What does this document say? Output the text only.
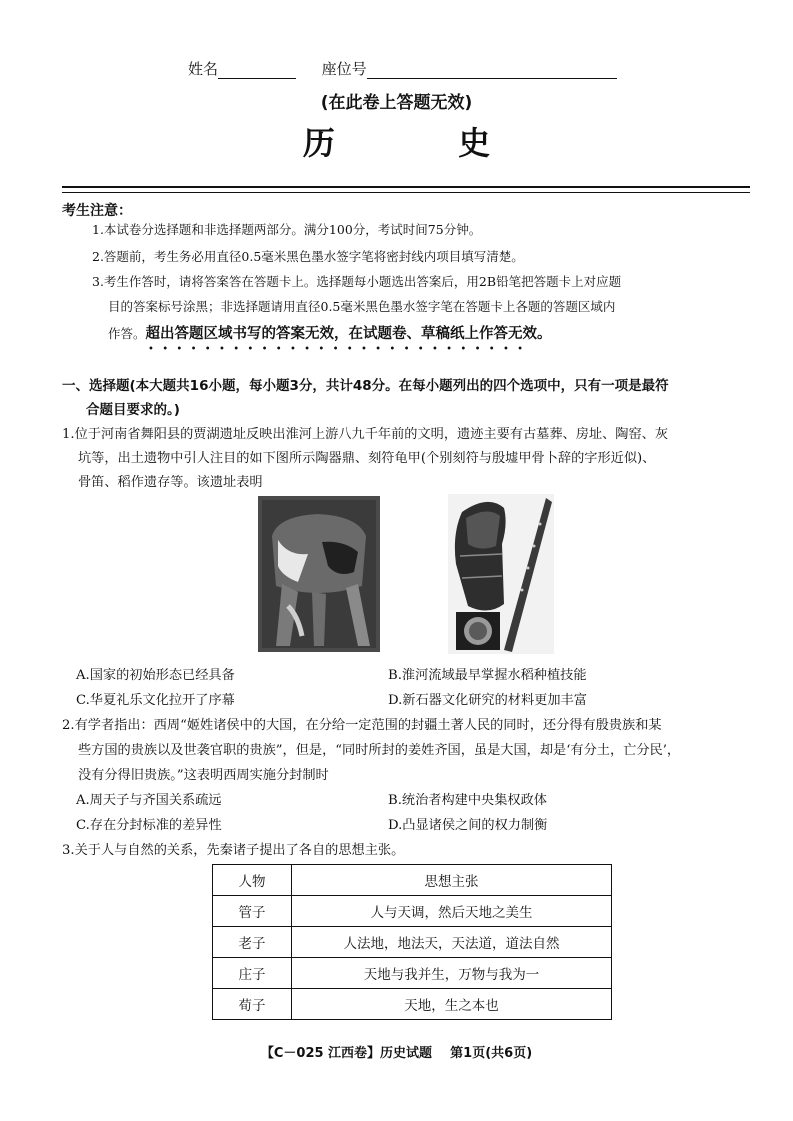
姓名	座位号
(在此卷上答题无效)
历 史
考生注意：
1.本试卷分选择题和非选择题两部分。满分100分，考试时间75分钟。
2.答题前，考生务必用直径0.5毫米黑色墨水签字笔将密封线内项目填写清楚。
3.考生作答时，请将答案答在答题卡上。选择题每小题选出答案后，用2B铅笔把答题卡上对应题
目的答案标号涂黑；非选择题请用直径0.5毫米黑色墨水签字笔在答题卡上各题的答题区域内
作答。超出答题区域书写的答案无效，在试题卷、草稿纸上作答无效。
•••••••••••••••••••••••••••
一、选择题(本大题共16小题，每小题3分，共计48分。在每小题列出的四个选项中，只有一项是最符
合题目要求的。)
1.位于河南省舞阳县的贾湖遗址反映出淮河上游八九千年前的文明，遗迹主要有古墓葬、房址、陶窑、灰
坑等，出土遗物中引人注目的如下图所示陶器鼎、刻符龟甲(个别刻符与殷墟甲骨卜辞的字形近似)、
骨笛、稻作遗存等。该遗址表明
A.国家的初始形态已经具备	B.淮河流域最早掌握水稻种植技能
C.华夏礼乐文化拉开了序幕	D.新石器文化研究的材料更加丰富
2.有学者指出：西周“姬姓诸侯中的大国，在分给一定范围的封疆土著人民的同时，还分得有殷贵族和某
些方国的贵族以及世袭官职的贵族”，但是，“同时所封的姜姓齐国，虽是大国，却是‘有分土，亡分民’，
没有分得旧贵族。”这表明西周实施分封制时
A.周天子与齐国关系疏远	B.统治者构建中央集权政体
C.存在分封标准的差异性	D.凸显诸侯之间的权力制衡
3.关于人与自然的关系，先秦诸子提出了各自的思想主张。
人物	思想主张
管子	人与天调，然后天地之美生
老子	人法地，地法天，天法道，道法自然
庄子	天地与我并生，万物与我为一
荀子	天地，生之本也
【C－025 江西卷】历史试题    第1页(共6页)
